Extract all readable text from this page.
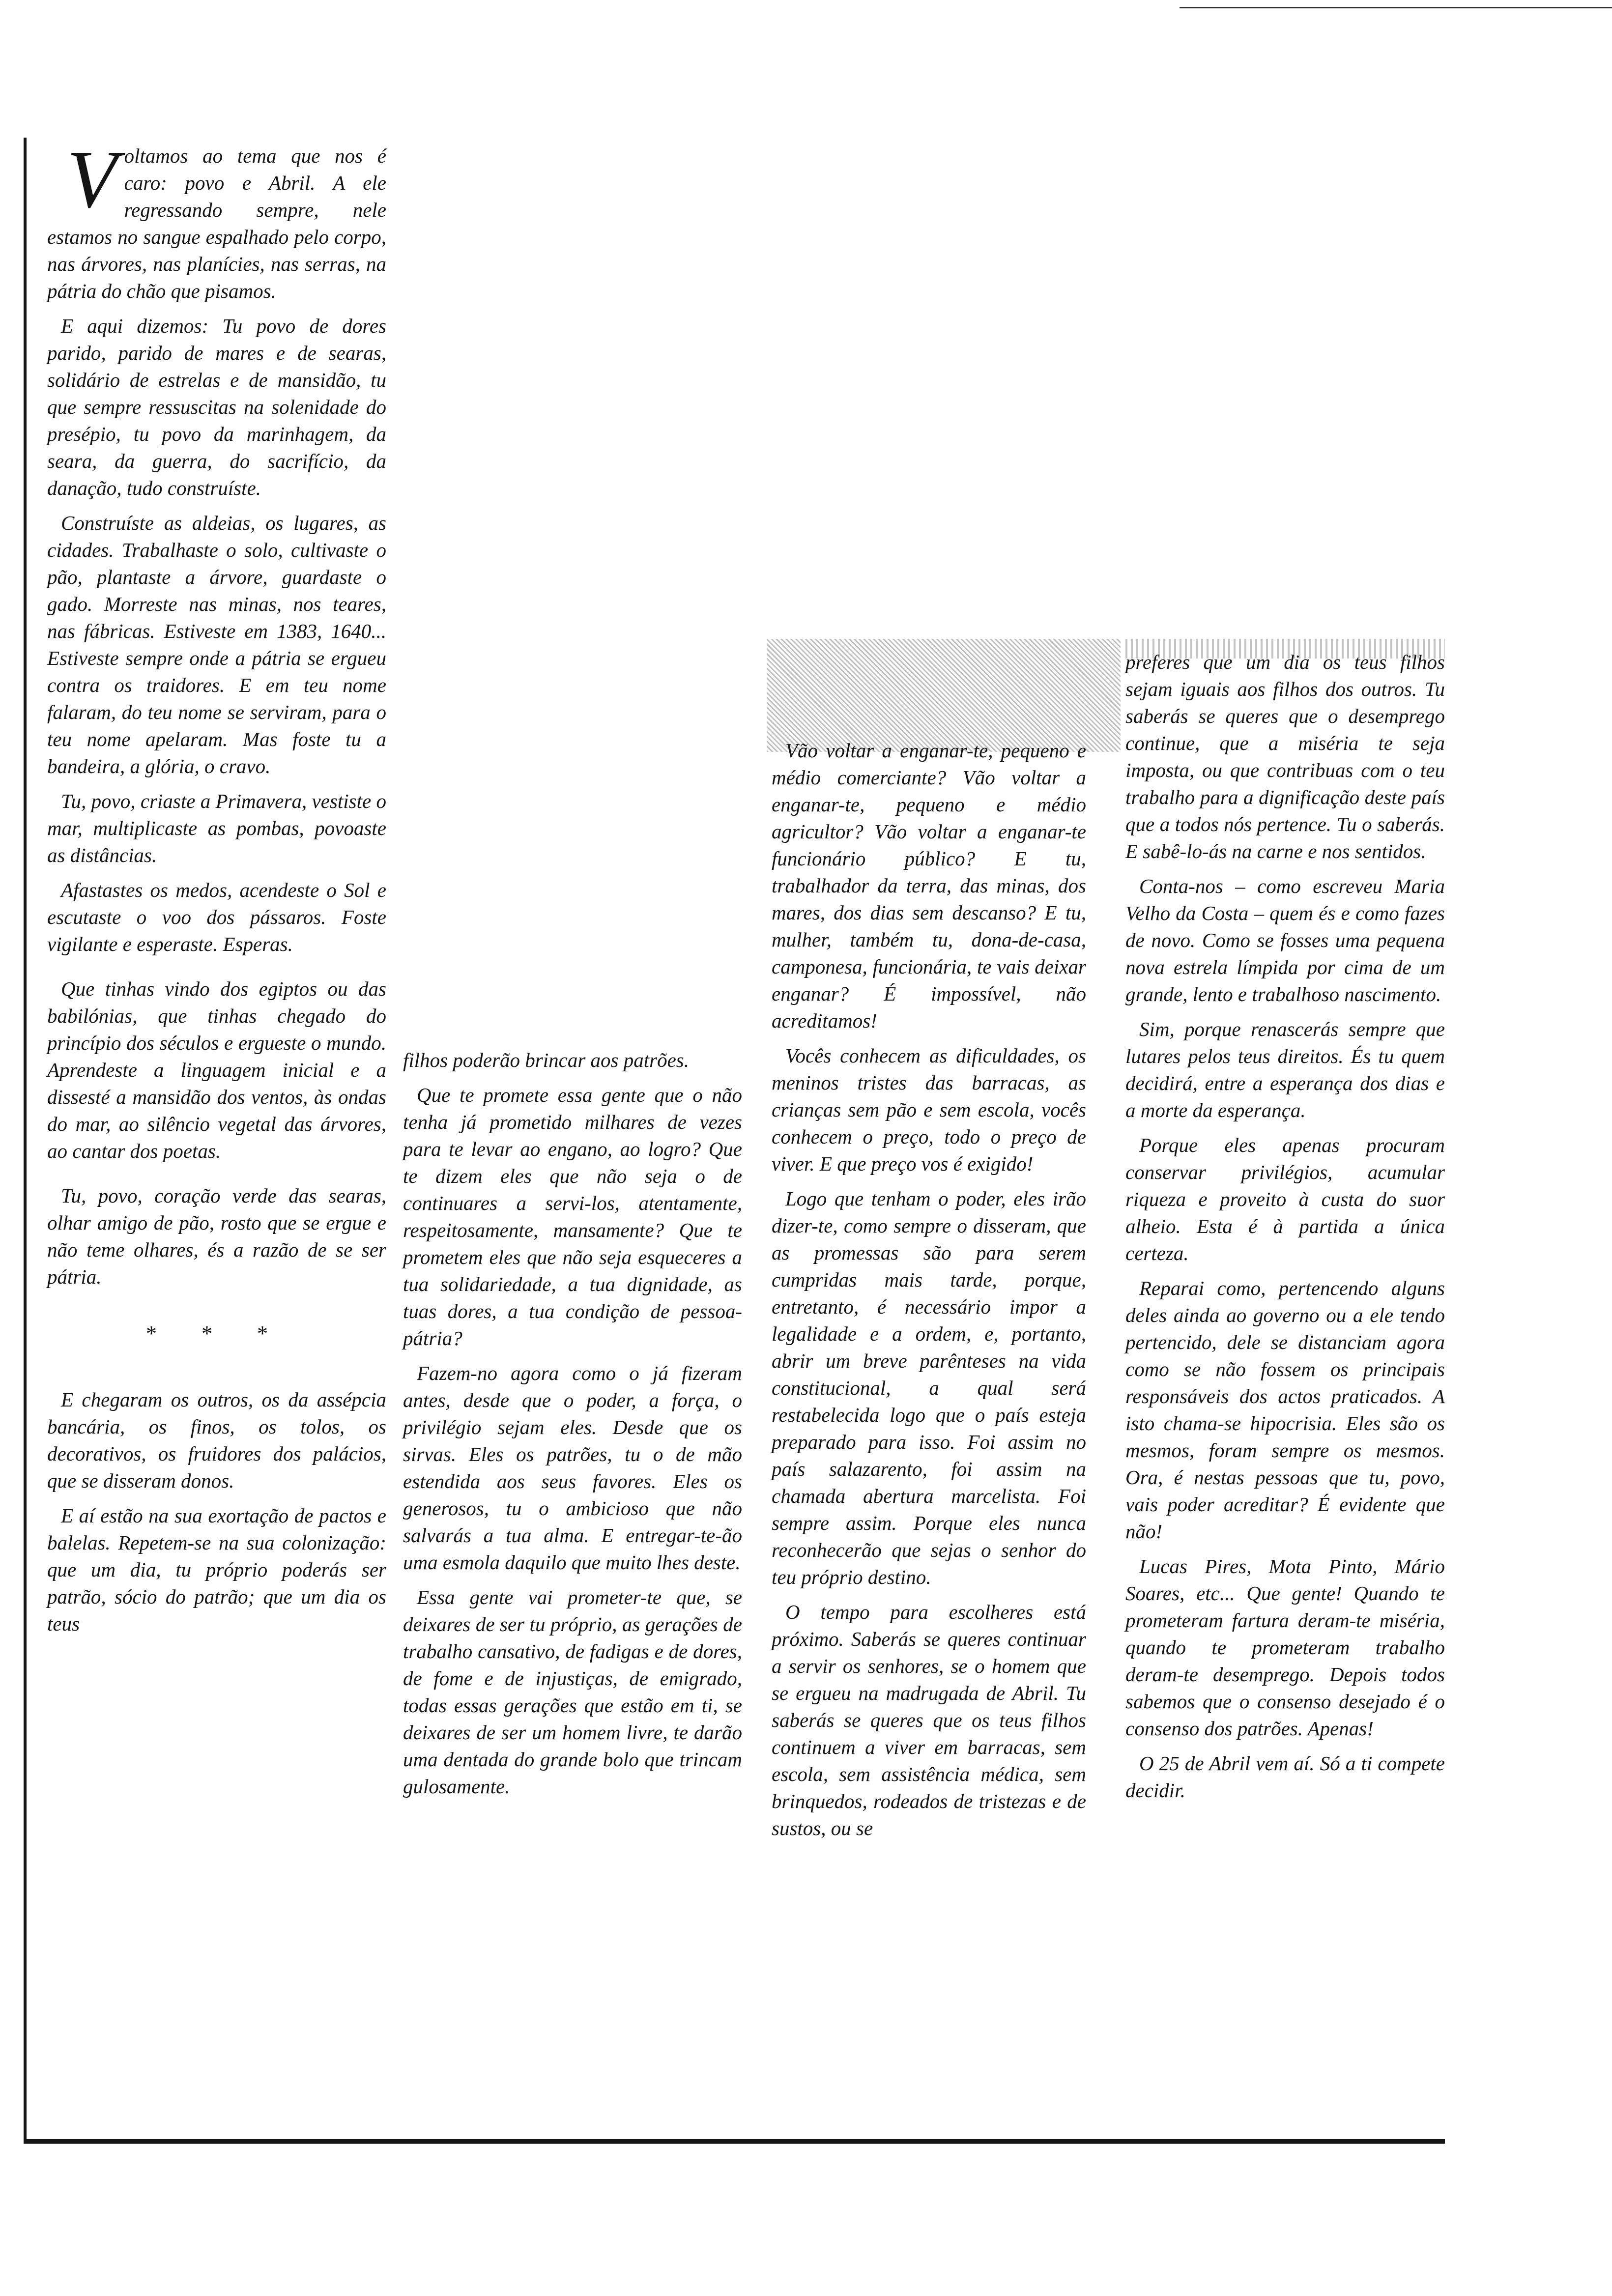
Voltamos ao tema que nos é caro: povo e Abril. A ele regressando sempre, nele estamos no sangue espalhado pelo corpo, nas árvores, nas planícies, nas serras, na pátria do chão que pisamos.

E aqui dizemos: Tu povo de dores parido, parido de mares e de searas, solidário de estrelas e de mansidão, tu que sempre ressuscitas na solenidade do presépio, tu povo da marinhagem, da seara, da guerra, do sacrifício, da danação, tudo construíste.

Construíste as aldeias, os lugares, as cidades. Trabalhaste o solo, cultivaste o pão, plantaste a árvore, guardaste o gado. Morreste nas minas, nos teares, nas fábricas. Estiveste em 1383, 1640... Estiveste sempre onde a pátria se ergueu contra os traidores. E em teu nome falaram, do teu nome se serviram, para o teu nome apelaram. Mas foste tu a bandeira, a glória, o cravo.

Tu, povo, criaste a Primavera, vestiste o mar, multiplicaste as pombas, povoaste as distâncias.

Afastastes os medos, acendeste o Sol e escutaste o voo dos pássaros. Foste vigilante e esperaste. Esperas.

Que tinhas vindo dos egiptos ou das babilónias, que tinhas chegado do princípio dos séculos e ergueste o mundo. Aprendeste a linguagem inicial e a dissesté a mansidão dos ventos, às ondas do mar, ao silêncio vegetal das árvores, ao cantar dos poetas.

Tu, povo, coração verde das searas, olhar amigo de pão, rosto que se ergue e não teme olhares, és a razão de se ser pátria.

* * *

E chegaram os outros, os da assépcia bancária, os finos, os tolos, os decorativos, os fruidores dos palácios, que se disseram donos.

E aí estão na sua exortação de pactos e balelas. Repetem-se na sua colonização: que um dia, tu próprio poderás ser patrão, sócio do patrão; que um dia os teus

filhos poderão brincar aos patrões.

Que te promete essa gente que o não tenha já prometido milhares de vezes para te levar ao engano, ao logro? Que te dizem eles que não seja o de continuares a servi-los, atentamente, respeitosamente, mansamente? Que te prometem eles que não seja esqueceres a tua solidariedade, a tua dignidade, as tuas dores, a tua condição de pessoa-pátria?

Fazem-no agora como o já fizeram antes, desde que o poder, a força, o privilégio sejam eles. Desde que os sirvas. Eles os patrões, tu o de mão estendida aos seus favores. Eles os generosos, tu o ambicioso que não salvarás a tua alma. E entregar-te-ão uma esmola daquilo que muito lhes deste.

Essa gente vai prometer-te que, se deixares de ser tu próprio, as gerações de trabalho cansativo, de fadigas e de dores, de fome e de injustiças, de emigrado, todas essas gerações que estão em ti, se deixares de ser um homem livre, te darão uma dentada do grande bolo que trincam gulosamente.

Vão voltar a enganar-te, pequeno e médio comerciante? Vão voltar a enganar-te, pequeno e médio agricultor? Vão voltar a enganar-te funcionário público? E tu, trabalhador da terra, das minas, dos mares, dos dias sem descanso? E tu, mulher, também tu, dona-de-casa, camponesa, funcionária, te vais deixar enganar? É impossível, não acreditamos!

Vocês conhecem as dificuldades, os meninos tristes das barracas, as crianças sem pão e sem escola, vocês conhecem o preço, todo o preço de viver. E que preço vos é exigido!

Logo que tenham o poder, eles irão dizer-te, como sempre o disseram, que as promessas são para serem cumpridas mais tarde, porque, entretanto, é necessário impor a legalidade e a ordem, e, portanto, abrir um breve parênteses na vida constitucional, a qual será restabelecida logo que o país esteja preparado para isso. Foi assim no país salazarento, foi assim na chamada abertura marcelista. Foi sempre assim. Porque eles nunca reconhecerão que sejas o senhor do teu próprio destino.

O tempo para escolheres está próximo. Saberás se queres continuar a servir os senhores, se o homem que se ergueu na madrugada de Abril. Tu saberás se queres que os teus filhos continuem a viver em barracas, sem escola, sem assistência médica, sem brinquedos, rodeados de tristezas e de sustos, ou se

preferes que um dia os teus filhos sejam iguais aos filhos dos outros. Tu saberás se queres que o desemprego continue, que a miséria te seja imposta, ou que contribuas com o teu trabalho para a dignificação deste país que a todos nós pertence. Tu o saberás. E sabê-lo-ás na carne e nos sentidos.

Conta-nos – como escreveu Maria Velho da Costa – quem és e como fazes de novo. Como se fosses uma pequena nova estrela límpida por cima de um grande, lento e trabalhoso nascimento.

Sim, porque renascerás sempre que lutares pelos teus direitos. És tu quem decidirá, entre a esperança dos dias e a morte da esperança.

Porque eles apenas procuram conservar privilégios, acumular riqueza e proveito à custa do suor alheio. Esta é à partida a única certeza.

Reparai como, pertencendo alguns deles ainda ao governo ou a ele tendo pertencido, dele se distanciam agora como se não fossem os principais responsáveis dos actos praticados. A isto chama-se hipocrisia. Eles são os mesmos, foram sempre os mesmos. Ora, é nestas pessoas que tu, povo, vais poder acreditar? É evidente que não!

Lucas Pires, Mota Pinto, Mário Soares, etc... Que gente! Quando te prometeram fartura deram-te miséria, quando te prometeram trabalho deram-te desemprego. Depois todos sabemos que o consenso desejado é o consenso dos patrões. Apenas!

O 25 de Abril vem aí. Só a ti compete decidir.
